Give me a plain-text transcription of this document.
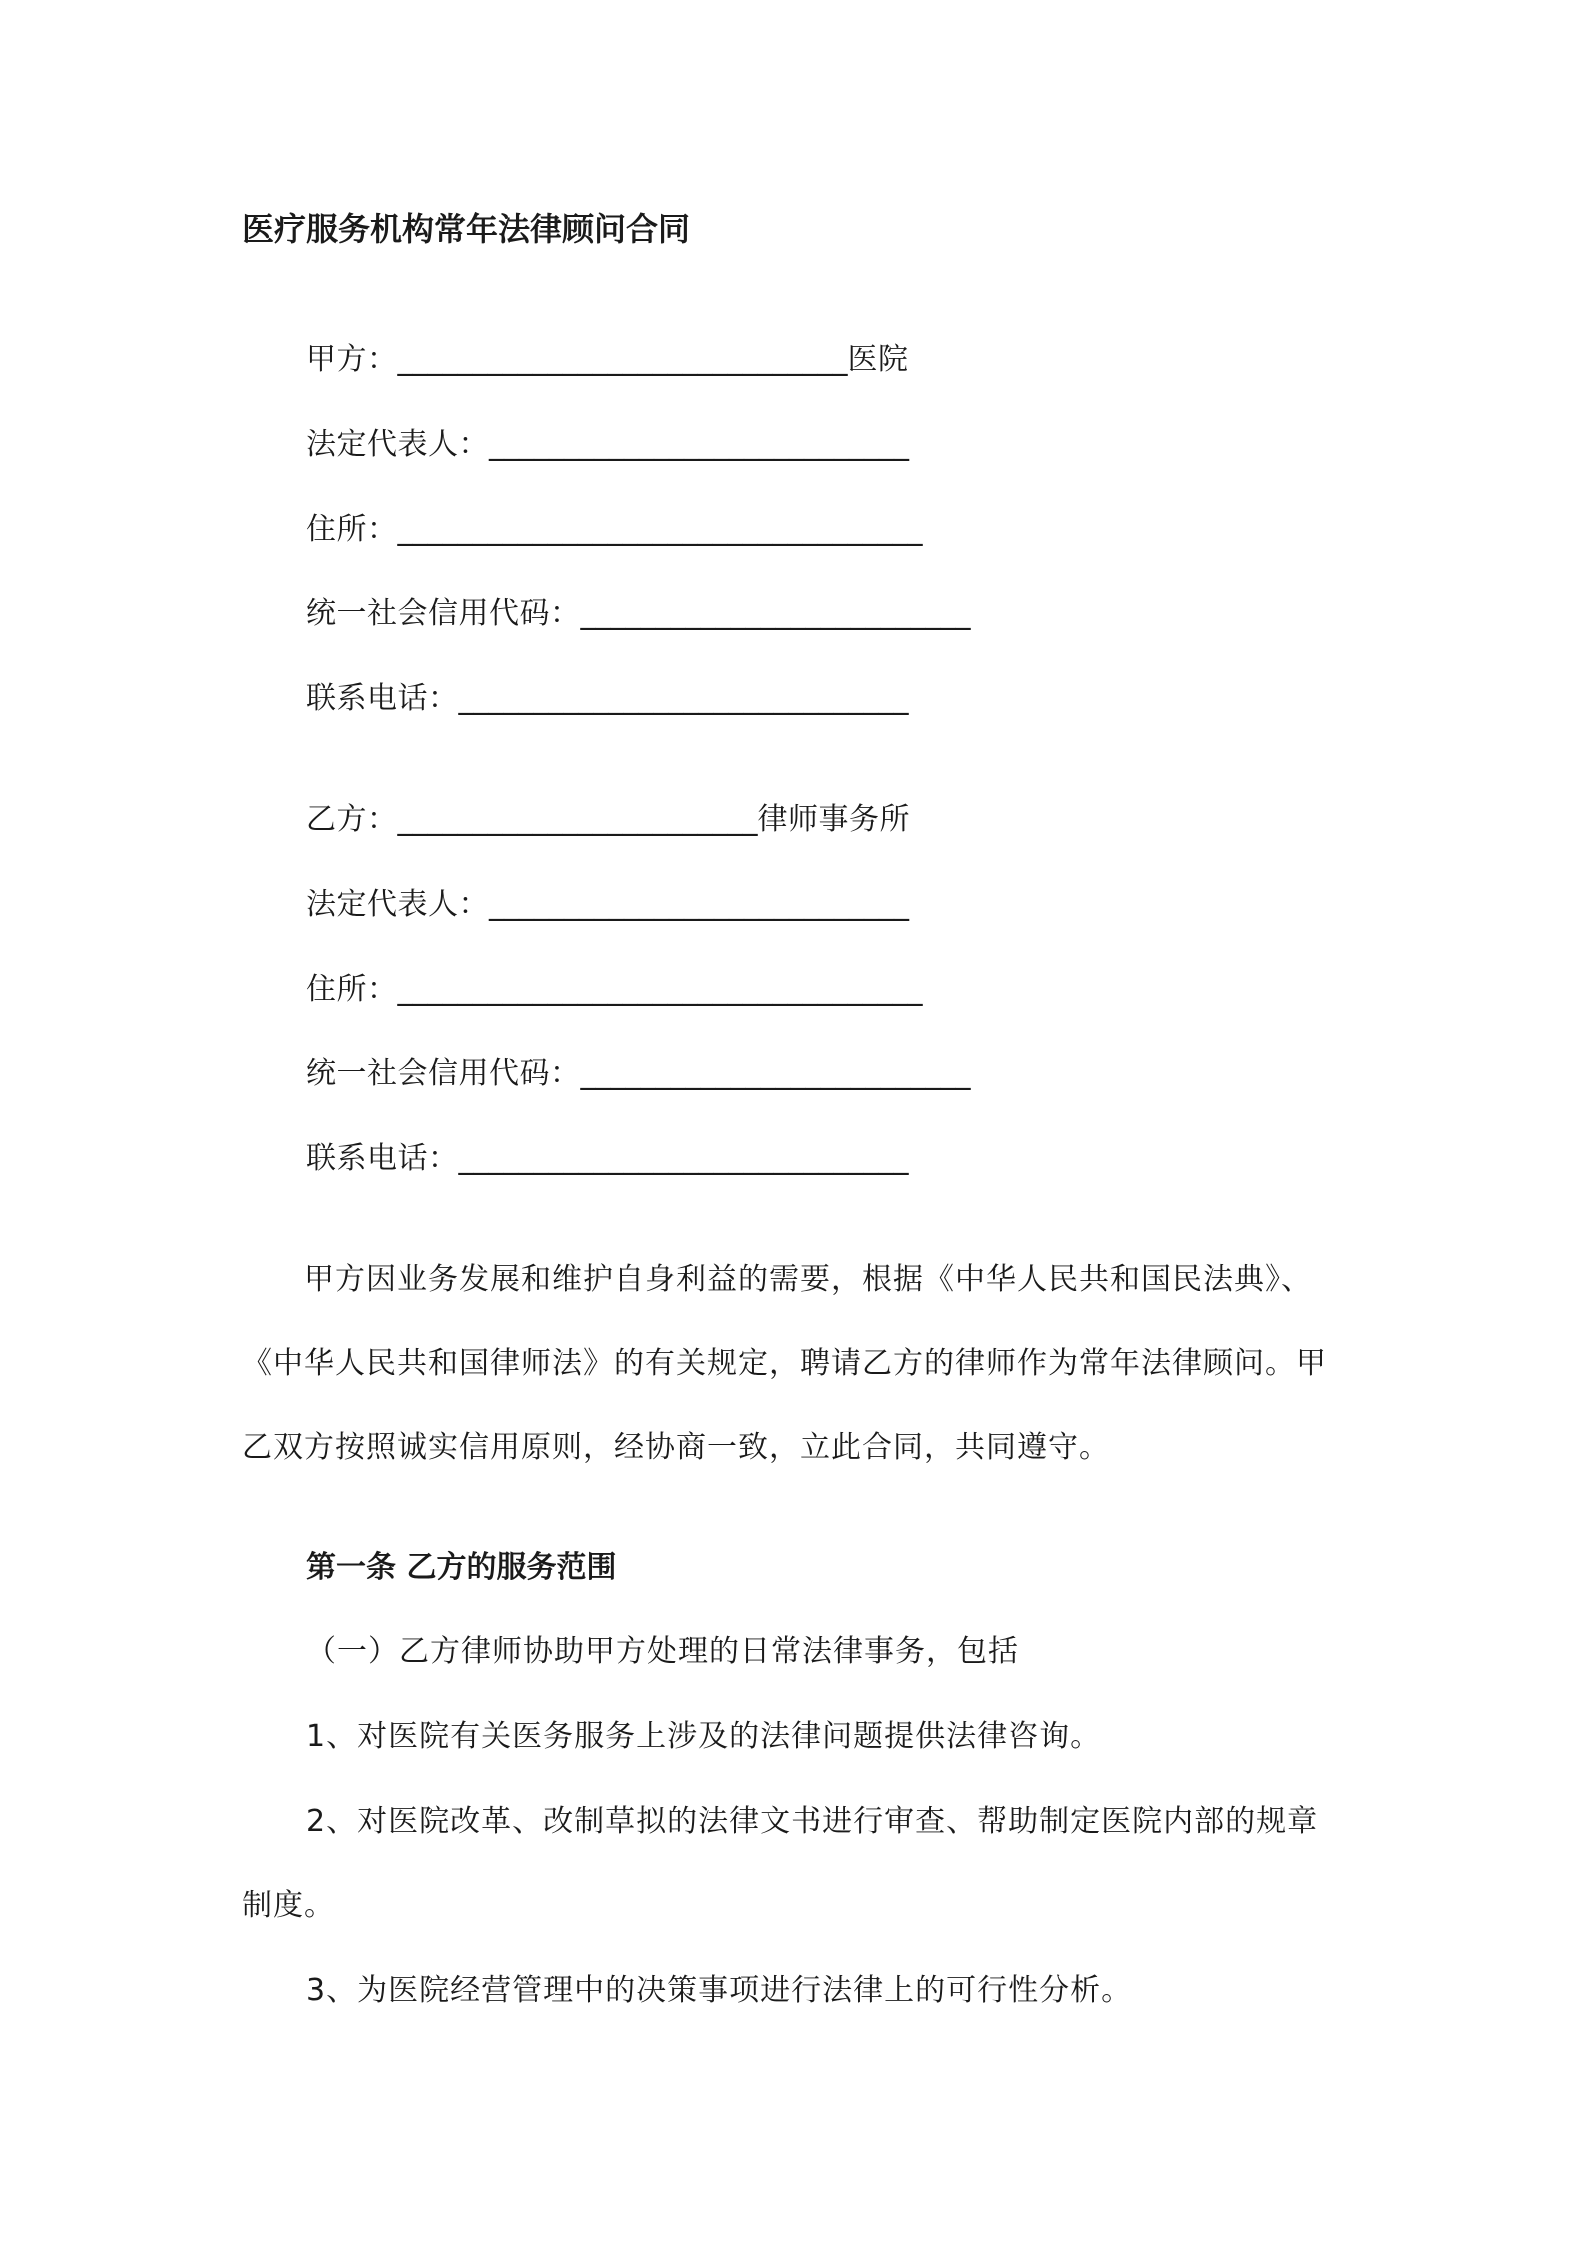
医疗服务机构常年法律顾问合同
甲方：______________________________医院
法定代表人：____________________________
住所：___________________________________
统一社会信用代码：__________________________
联系电话：______________________________
乙方：________________________律师事务所
法定代表人：____________________________
住所：___________________________________
统一社会信用代码：__________________________
联系电话：______________________________
　　甲方因业务发展和维护自身利益的需要，根据《中华人民共和国民法典》、
《中华人民共和国律师法》的有关规定，聘请乙方的律师作为常年法律顾问。甲
乙双方按照诚实信用原则，经协商一致，立此合同，共同遵守。
第一条 乙方的服务范围
（一）乙方律师协助甲方处理的日常法律事务，包括
1、对医院有关医务服务上涉及的法律问题提供法律咨询。
2、对医院改革、改制草拟的法律文书进行审查、帮助制定医院内部的规章
制度。
3、为医院经营管理中的决策事项进行法律上的可行性分析。
